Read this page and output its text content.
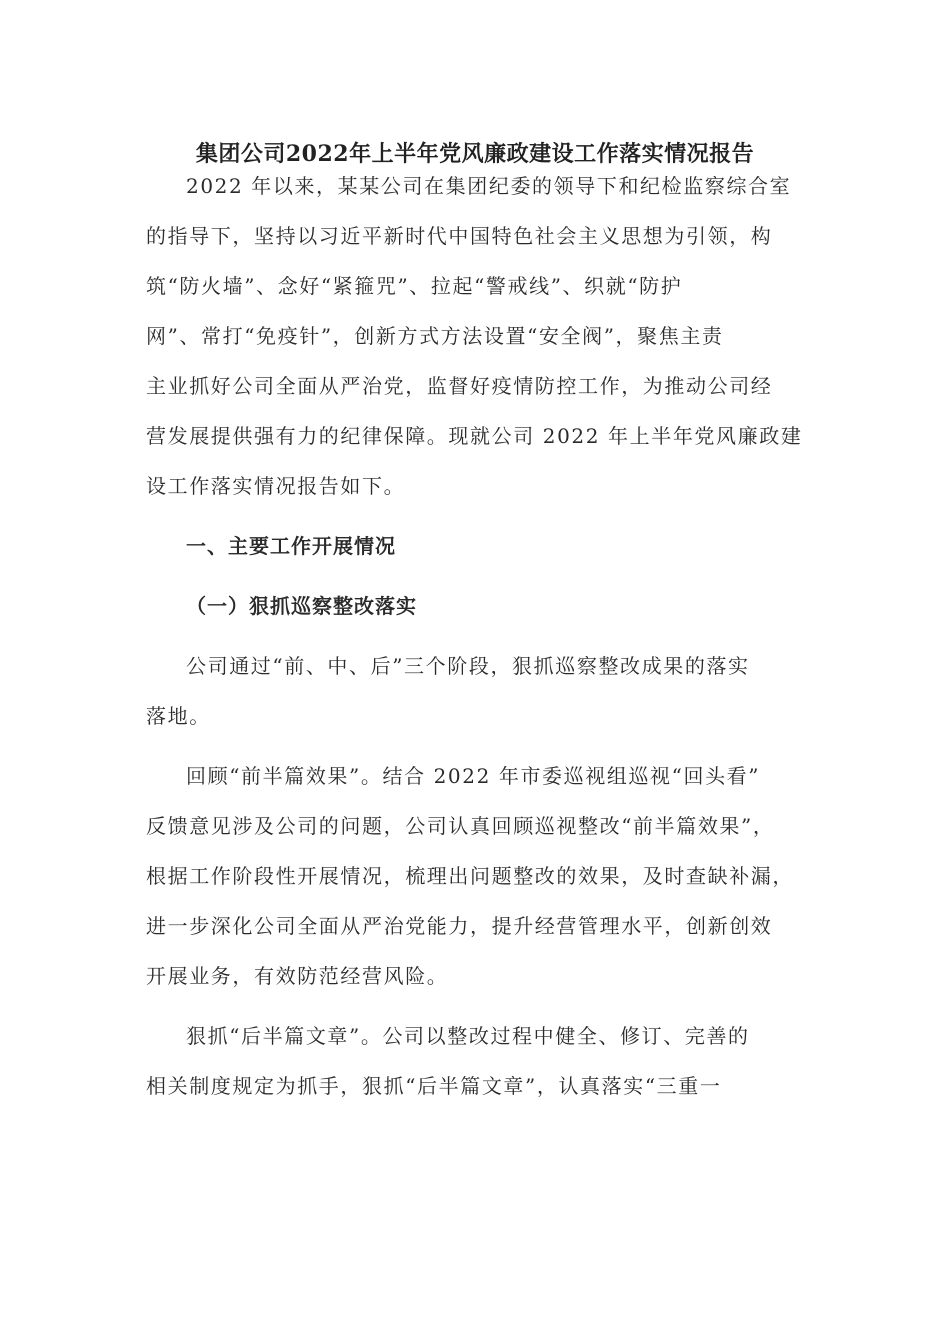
集团公司2022年上半年党风廉政建设工作落实情况报告
2022 年以来，某某公司在集团纪委的领导下和纪检监察综合室
的指导下，坚持以习近平新时代中国特色社会主义思想为引领，构
筑“防火墙”、念好“紧箍咒”、拉起“警戒线”、织就“防护
网”、常打“免疫针”，创新方式方法设置“安全阀”，聚焦主责
主业抓好公司全面从严治党，监督好疫情防控工作，为推动公司经
营发展提供强有力的纪律保障。现就公司 2022 年上半年党风廉政建
设工作落实情况报告如下。
一、主要工作开展情况
（一）狠抓巡察整改落实
公司通过“前、中、后”三个阶段，狠抓巡察整改成果的落实
落地。
回顾“前半篇效果”。结合 2022 年市委巡视组巡视“回头看”
反馈意见涉及公司的问题，公司认真回顾巡视整改“前半篇效果”，
根据工作阶段性开展情况，梳理出问题整改的效果，及时查缺补漏，
进一步深化公司全面从严治党能力，提升经营管理水平，创新创效
开展业务，有效防范经营风险。
狠抓“后半篇文章”。公司以整改过程中健全、修订、完善的
相关制度规定为抓手，狠抓“后半篇文章”，认真落实“三重一
